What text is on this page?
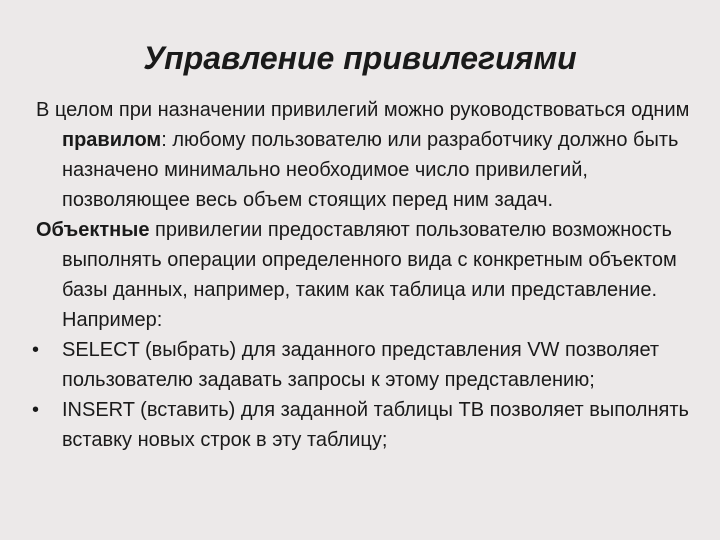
Управление привилегиями

В целом при назначении привилегий можно руководствоваться одним правилом: любому пользователю или разработчику должно быть назначено минимально необходимое число привилегий, позволяющее весь объем стоящих перед ним задач.

Объектные привилегии предоставляют пользователю возможность выполнять операции определенного вида с конкретным объектом базы данных, например, таким как таблица или представление. Например:

•	SELECT (выбрать) для заданного представления VW позволяет пользователю задавать запросы к этому представлению;
•	INSERT (вставить) для заданной таблицы TB позволяет выполнять вставку новых строк в эту таблицу;
